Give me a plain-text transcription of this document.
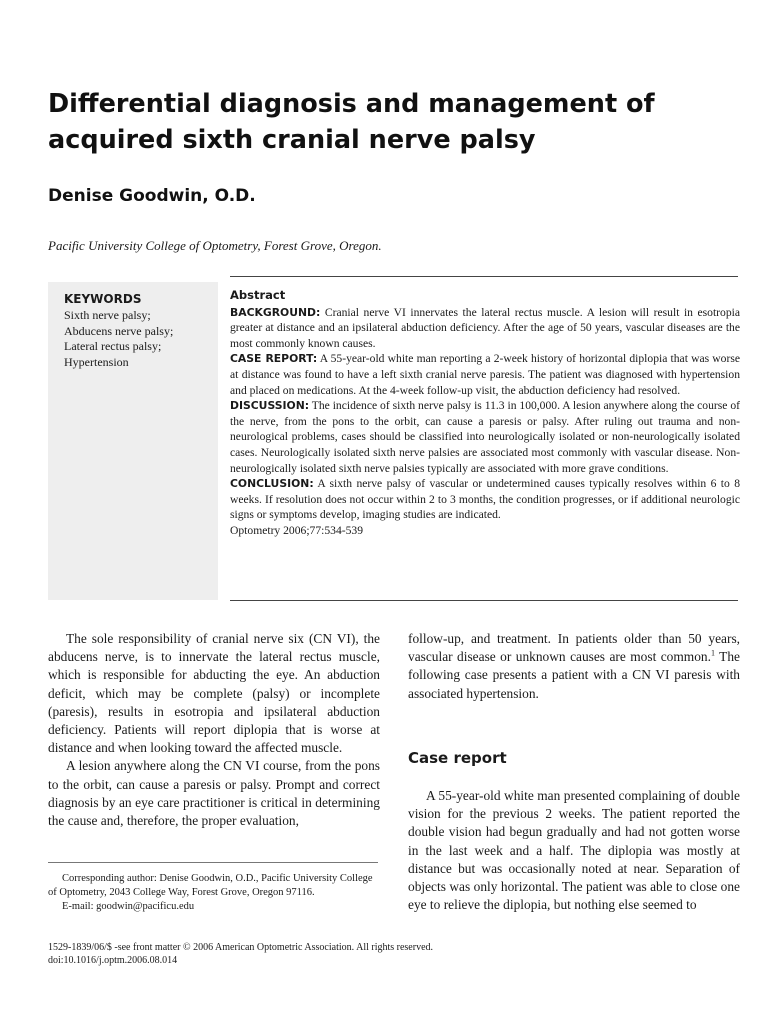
Differential diagnosis and management of acquired sixth cranial nerve palsy
Denise Goodwin, O.D.
Pacific University College of Optometry, Forest Grove, Oregon.
KEYWORDS
Sixth nerve palsy;
Abducens nerve palsy;
Lateral rectus palsy;
Hypertension
Abstract

BACKGROUND: Cranial nerve VI innervates the lateral rectus muscle. A lesion will result in esotropia greater at distance and an ipsilateral abduction deficiency. After the age of 50 years, vascular diseases are the most commonly known causes.

CASE REPORT: A 55-year-old white man reporting a 2-week history of horizontal diplopia that was worse at distance was found to have a left sixth cranial nerve paresis. The patient was diagnosed with hypertension and placed on medications. At the 4-week follow-up visit, the abduction deficiency had resolved.

DISCUSSION: The incidence of sixth nerve palsy is 11.3 in 100,000. A lesion anywhere along the course of the nerve, from the pons to the orbit, can cause a paresis or palsy. After ruling out trauma and non-neurological problems, cases should be classified into neurologically isolated or non-neurologically isolated cases. Neurologically isolated sixth nerve palsies are associated most commonly with vascular disease. Non-neurologically isolated sixth nerve palsies typically are associated with more grave conditions.

CONCLUSION: A sixth nerve palsy of vascular or undetermined causes typically resolves within 6 to 8 weeks. If resolution does not occur within 2 to 3 months, the condition progresses, or if additional neurologic signs or symptoms develop, imaging studies are indicated.

Optometry 2006;77:534-539

The sole responsibility of cranial nerve six (CN VI), the abducens nerve, is to innervate the lateral rectus muscle, which is responsible for abducting the eye. An abduction deficit, which may be complete (palsy) or incomplete (paresis), results in esotropia and ipsilateral abduction deficiency. Patients will report diplopia that is worse at distance and when looking toward the affected muscle.

A lesion anywhere along the CN VI course, from the pons to the orbit, can cause a paresis or palsy. Prompt and correct diagnosis by an eye care practitioner is critical in determining the cause and, therefore, the proper evaluation,

follow-up, and treatment. In patients older than 50 years, vascular disease or unknown causes are most common.$^1$ The following case presents a patient with a CN VI paresis with associated hypertension.

Case report

A 55-year-old white man presented complaining of double vision for the previous 2 weeks. The patient reported the double vision had begun gradually and had not gotten worse in the last week and a half. The diplopia was mostly at distance but was occasionally noted at near. Separation of objects was only horizontal. The patient was able to close one eye to relieve the diplopia, but nothing else seemed to

Corresponding author: Denise Goodwin, O.D., Pacific University College of Optometry, 2043 College Way, Forest Grove, Oregon 97116.

E-mail: goodwin@pacificu.edu

1529-1839/06/$ -see front matter © 2006 American Optometric Association. All rights reserved.
doi:10.1016/j.optm.2006.08.014
